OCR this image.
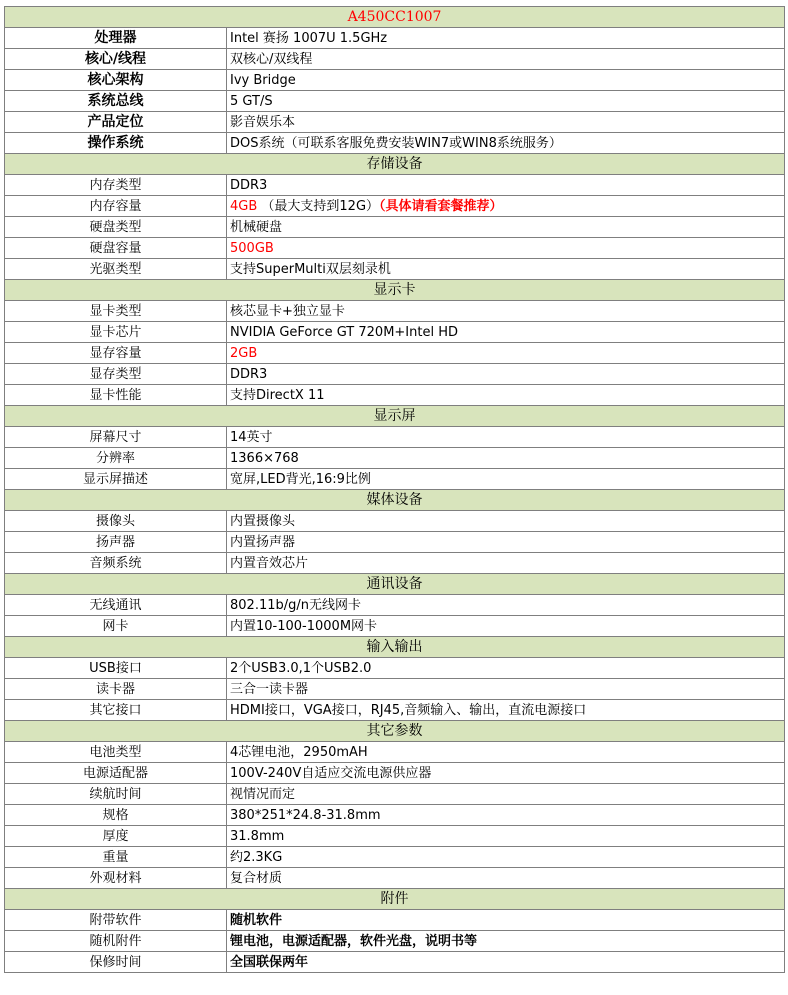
A450CC1007	
处理器	Intel 赛扬 1007U 1.5GHz
核心/线程	双核心/双线程
核心架构	Ivy Bridge
系统总线	5 GT/S
产品定位	影音娱乐本
操作系统	DOS系统（可联系客服免费安装WIN7或WIN8系统服务）
存储设备	
内存类型	DDR3
内存容量	4GB （最大支持到12G）（具体请看套餐推荐）
硬盘类型	机械硬盘
硬盘容量	500GB
光驱类型	支持SuperMulti双层刻录机
显示卡	
显卡类型	核芯显卡+独立显卡
显卡芯片	NVIDIA GeForce GT 720M+Intel HD
显存容量	2GB
显存类型	DDR3
显卡性能	支持DirectX 11
显示屏	
屏幕尺寸	14英寸
分辨率	1366×768
显示屏描述	宽屏,LED背光,16:9比例
媒体设备	
摄像头	内置摄像头
扬声器	内置扬声器
音频系统	内置音效芯片
通讯设备	
无线通讯	802.11b/g/n无线网卡
网卡	内置10-100-1000M网卡
输入输出	
USB接口	2个USB3.0,1个USB2.0
读卡器	三合一读卡器
其它接口	HDMI接口，VGA接口，RJ45,音频输入、输出，直流电源接口
其它参数	
电池类型	4芯锂电池，2950mAH
电源适配器	100V-240V自适应交流电源供应器
续航时间	视情况而定
规格	380*251*24.8-31.8mm
厚度	31.8mm
重量	约2.3KG
外观材料	复合材质
附件	
附带软件	随机软件
随机附件	锂电池，电源适配器，软件光盘，说明书等
保修时间	全国联保两年
